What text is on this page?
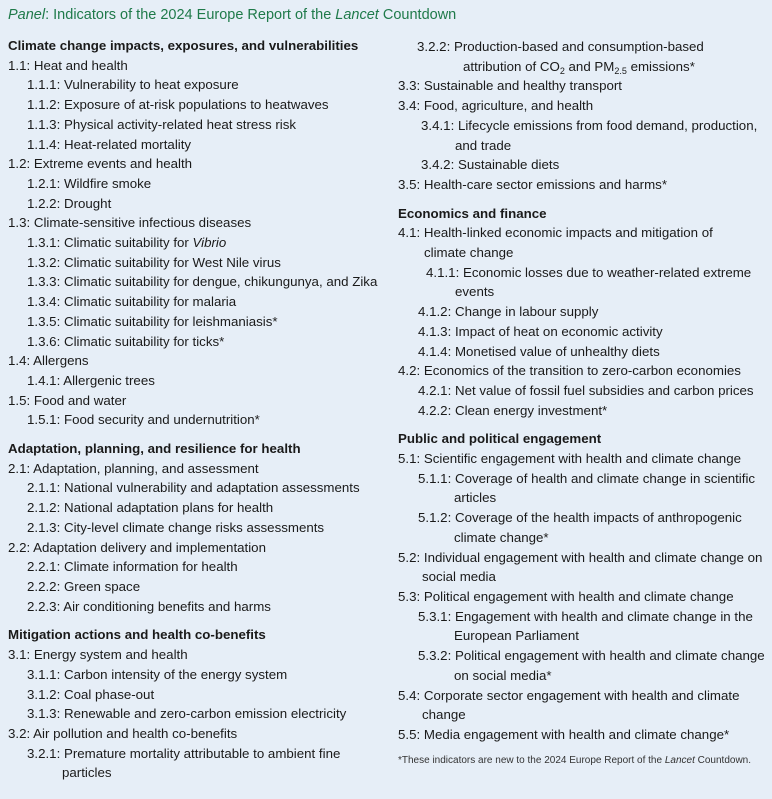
Panel: Indicators of the 2024 Europe Report of the Lancet Countdown
Climate change impacts, exposures, and vulnerabilities
1.1: Heat and health
1.1.1: Vulnerability to heat exposure
1.1.2: Exposure of at-risk populations to heatwaves
1.1.3: Physical activity-related heat stress risk
1.1.4: Heat-related mortality
1.2: Extreme events and health
1.2.1: Wildfire smoke
1.2.2: Drought
1.3: Climate-sensitive infectious diseases
1.3.1: Climatic suitability for Vibrio
1.3.2: Climatic suitability for West Nile virus
1.3.3: Climatic suitability for dengue, chikungunya, and Zika
1.3.4: Climatic suitability for malaria
1.3.5: Climatic suitability for leishmaniasis*
1.3.6: Climatic suitability for ticks*
1.4: Allergens
1.4.1: Allergenic trees
1.5: Food and water
1.5.1: Food security and undernutrition*
Adaptation, planning, and resilience for health
2.1: Adaptation, planning, and assessment
2.1.1: National vulnerability and adaptation assessments
2.1.2: National adaptation plans for health
2.1.3: City-level climate change risks assessments
2.2: Adaptation delivery and implementation
2.2.1: Climate information for health
2.2.2: Green space
2.2.3: Air conditioning benefits and harms
Mitigation actions and health co-benefits
3.1: Energy system and health
3.1.1: Carbon intensity of the energy system
3.1.2: Coal phase-out
3.1.3: Renewable and zero-carbon emission electricity
3.2: Air pollution and health co-benefits
3.2.1: Premature mortality attributable to ambient fine particles
3.2.2: Production-based and consumption-based attribution of $CO_2$ and $PM_{2.5}$ emissions*
3.3: Sustainable and healthy transport
3.4: Food, agriculture, and health
3.4.1: Lifecycle emissions from food demand, production, and trade
3.4.2: Sustainable diets
3.5: Health-care sector emissions and harms*
Economics and finance
4.1: Health-linked economic impacts and mitigation of climate change
4.1.1: Economic losses due to weather-related extreme events
4.1.2: Change in labour supply
4.1.3: Impact of heat on economic activity
4.1.4: Monetised value of unhealthy diets
4.2: Economics of the transition to zero-carbon economies
4.2.1: Net value of fossil fuel subsidies and carbon prices
4.2.2: Clean energy investment*
Public and political engagement
5.1: Scientific engagement with health and climate change
5.1.1: Coverage of health and climate change in scientific articles
5.1.2: Coverage of the health impacts of anthropogenic climate change*
5.2: Individual engagement with health and climate change on social media
5.3: Political engagement with health and climate change
5.3.1: Engagement with health and climate change in the European Parliament
5.3.2: Political engagement with health and climate change on social media*
5.4: Corporate sector engagement with health and climate change
5.5: Media engagement with health and climate change*
*These indicators are new to the 2024 Europe Report of the Lancet Countdown.
